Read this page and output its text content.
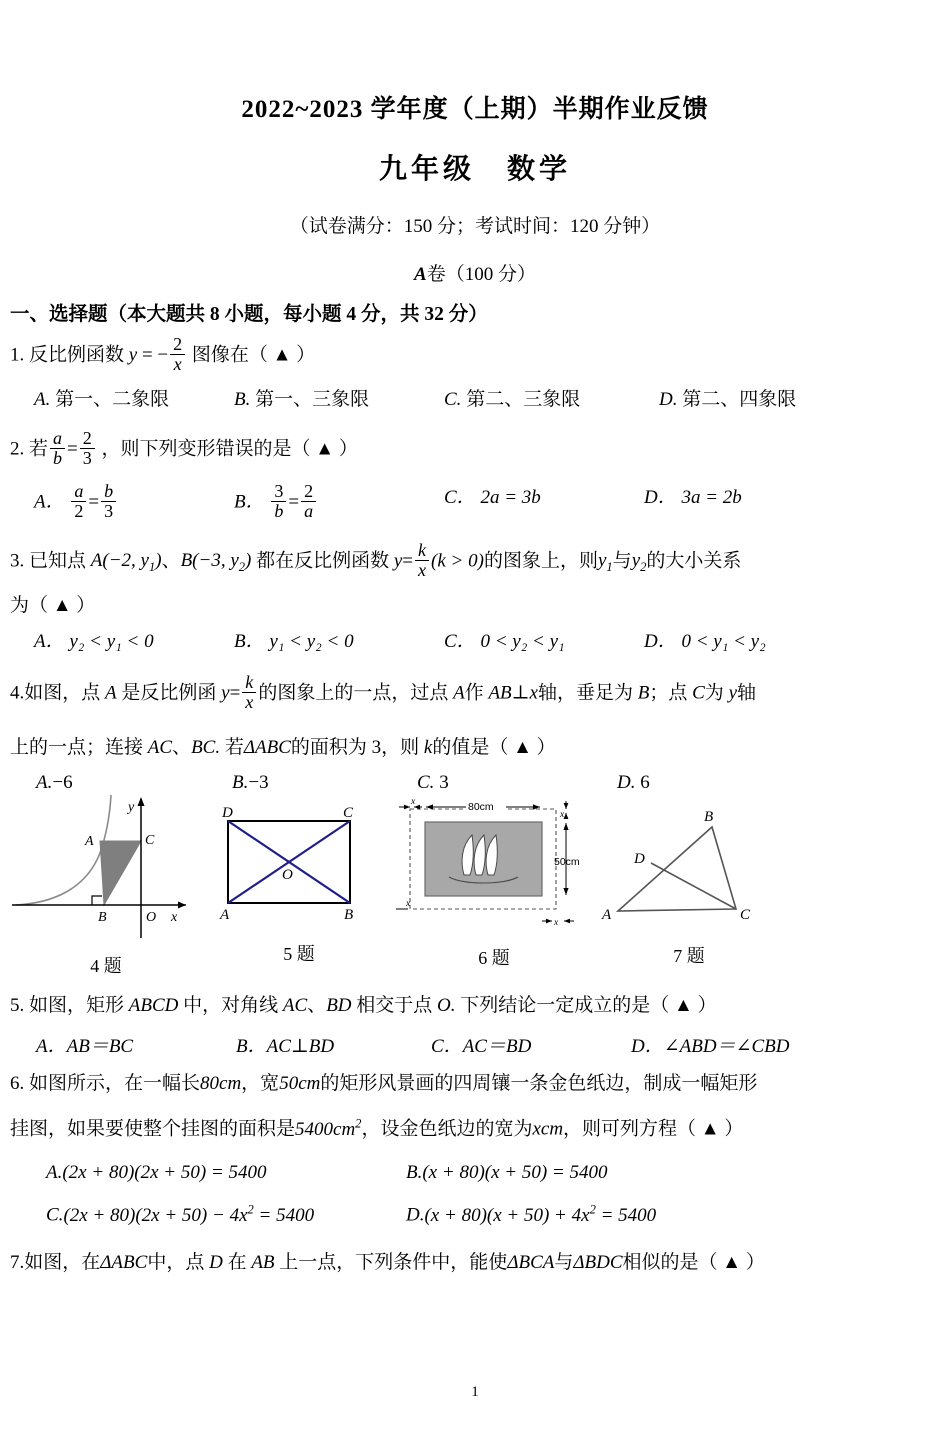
2022~2023 学年度（上期）半期作业反馈
九年级　数学
（试卷满分：150 分；考试时间：120 分钟）
A卷（100 分）
一、选择题（本大题共 8 小题，每小题 4 分，共 32 分）
1. 反比例函数 y = − $\frac{2}{x}$ 图像在（ ▲ ）
A. 第一、二象限	B. 第一、三象限	C. 第二、三象限	D. 第二、四象限
2. 若 $\frac{a}{b} = \frac{2}{3}$ ，则下列变形错误的是（ ▲ ）
A． $\frac{a}{2} = \frac{b}{3}$	B． $\frac{3}{b} = \frac{2}{a}$	C． 2a = 3b	D． 3a = 2b
3. 已知点 A(−2, $y_1$)、B(−3, $y_2$) 都在反比例函数 $y= \frac{k}{x} (k > 0)$的图象上，则$y_1$与$y_2$的大小关系
为（ ▲ ）
A． y₂ < y₁ < 0	B． y₁ < y₂ < 0	C． 0 < y₂ < y₁	D． 0 < y₁ < y₂
4.如图，点 A 是反比例函 $y= \frac{k}{x}$ 的图象上的一点，过点 A作 AB⊥x轴，垂足为 B；点 C为 y轴
上的一点；连接 AC、BC. 若ΔABC的面积为 3，则 k的值是（ ▲ ）
A.−6	B.−3	C. 3	D. 6
A	C
B	O x
y
4 题
D	C
A	B
O
5 题
80cm
x
50cm
x
x
x
6 题
B
D
A	C
7 题
5. 如图，矩形 ABCD 中，对角线 AC、BD 相交于点 O. 下列结论一定成立的是（ ▲ ）
A．AB＝BC	B．AC⊥BD	C．AC＝BD	D．∠ABD＝∠CBD
6. 如图所示，在一幅长80cm，宽50cm的矩形风景画的四周镶一条金色纸边，制成一幅矩形
挂图，如果要使整个挂图的面积是$5400cm^2$，设金色纸边的宽为xcm，则可列方程（ ▲ ）
A.(2x + 80)(2x + 50) = 5400	B.(x + 80)(x + 50) = 5400
$C.(2x + 80)(2x + 50) - 4x^2 = 5400$	$D.(x + 80)(x + 50) + 4x^2 = 5400$
7.如图，在ΔABC中，点 D 在 AB 上一点，下列条件中，能使ΔBCA与ΔBDC相似的是（ ▲ ）
1
